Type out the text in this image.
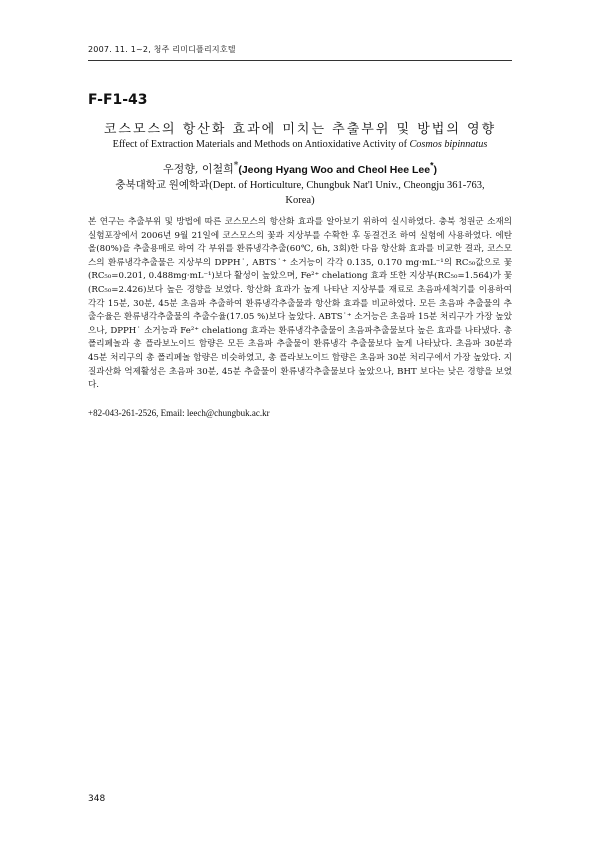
2007. 11. 1~2, 청주 리미디플리지호텔
F-F1-43
코스모스의 항산화 효과에 미치는 추출부위 및 방법의 영향
Effect of Extraction Materials and Methods on Antioxidative Activity of Cosmos bipinnatus
우정향, 이철희*(Jeong Hyang Woo and Cheol Hee Lee*)
충북대학교 원예학과(Dept. of Horticulture, Chungbuk Nat'l Univ., Cheongju 361-763,
Korea)
본 연구는 추출부위 및 방법에 따른 코스모스의 항산화 효과를 알아보기 위하여 실시하였다. 충북 청원군 소재의 실험포장에서 2006년 9월 21일에 코스모스의 꽃과 지상부를 수확한 후 동결건조 하여 실험에 사용하였다. 에탄올(80%)을 추출용매로 하여 각 부위를 환류냉각추출(60℃, 6h, 3회)한 다음 항산화 효과를 비교한 결과, 코스모스의 환류냉각추출물은 지상부의 DPPH˙, ABTS˙⁺ 소거능이 각각 0.135, 0.170 mg·mL⁻¹의 RC₅₀값으로 꽃(RC₅₀=0.201, 0.488mg·mL⁻¹)보다 활성이 높았으며, Fe²⁺ chelationg 효과 또한 지상부(RC₅₀=1.564)가 꽃(RC₅₀=2.426)보다 높은 경향을 보였다. 항산화 효과가 높게 나타난 지상부를 재료로 초음파세척기를 이용하여 각각 15분, 30분, 45분 초음파 추출하여 환류냉각추출물과 항산화 효과를 비교하였다. 모든 초음파 추출물의 추출수율은 환류냉각추출물의 추출수율(17.05 %)보다 높았다. ABTS˙⁺ 소거능은 초음파 15분 처리구가 가장 높았으나, DPPH˙ 소거능과 Fe²⁺ chelationg 효과는 환류냉각추출물이 초음파추출물보다 높은 효과를 나타냈다. 총 폴리페놀과 총 플라보노이드 함량은 모든 초음파 추출물이 환류냉각 추출물보다 높게 나타났다. 초음파 30분과 45분 처리구의 총 폴리페놀 함량은 비슷하였고, 총 플라보노이드 함량은 초음파 30분 처리구에서 가장 높았다. 지질과산화 억제활성은 초음파 30분, 45분 추출물이 환류냉각추출물보다 높았으나, BHT 보다는 낮은 경향을 보였다.
+82-043-261-2526, Email: leech@chungbuk.ac.kr
348
